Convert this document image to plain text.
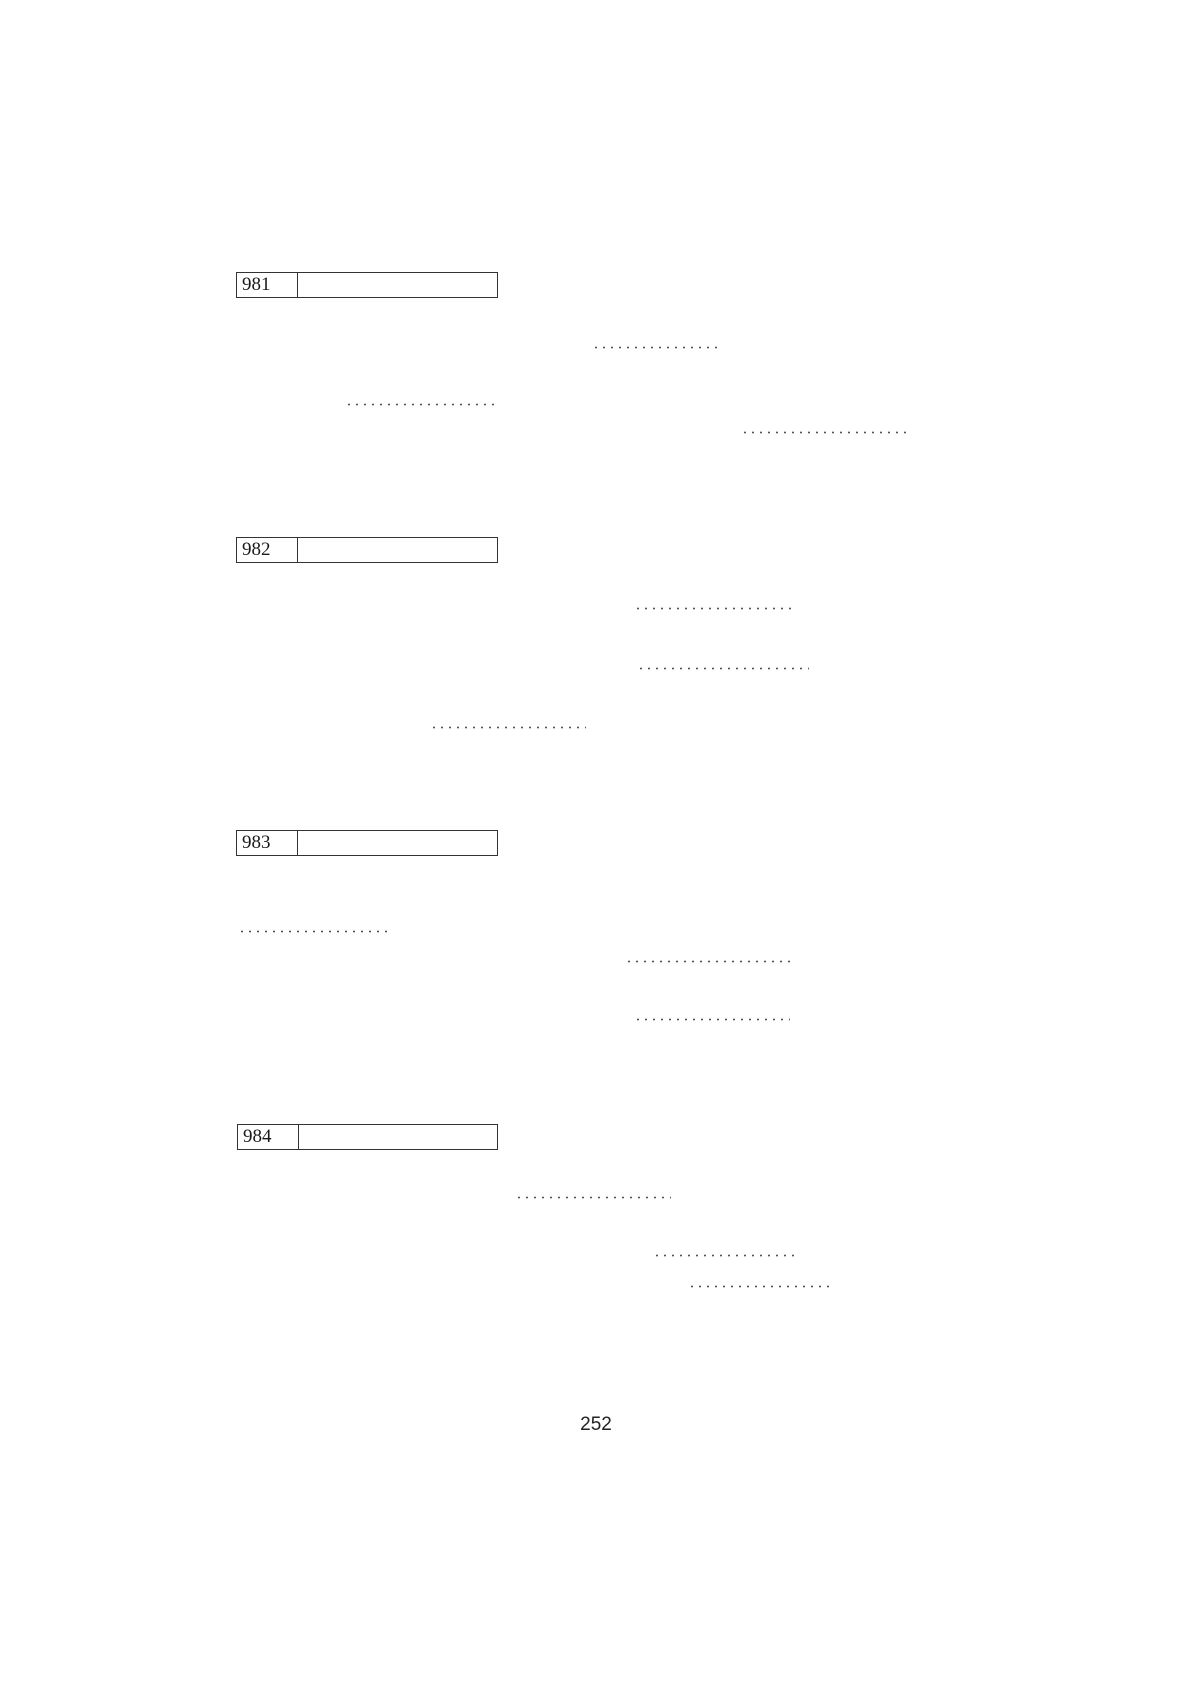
981
982
983
984
252
